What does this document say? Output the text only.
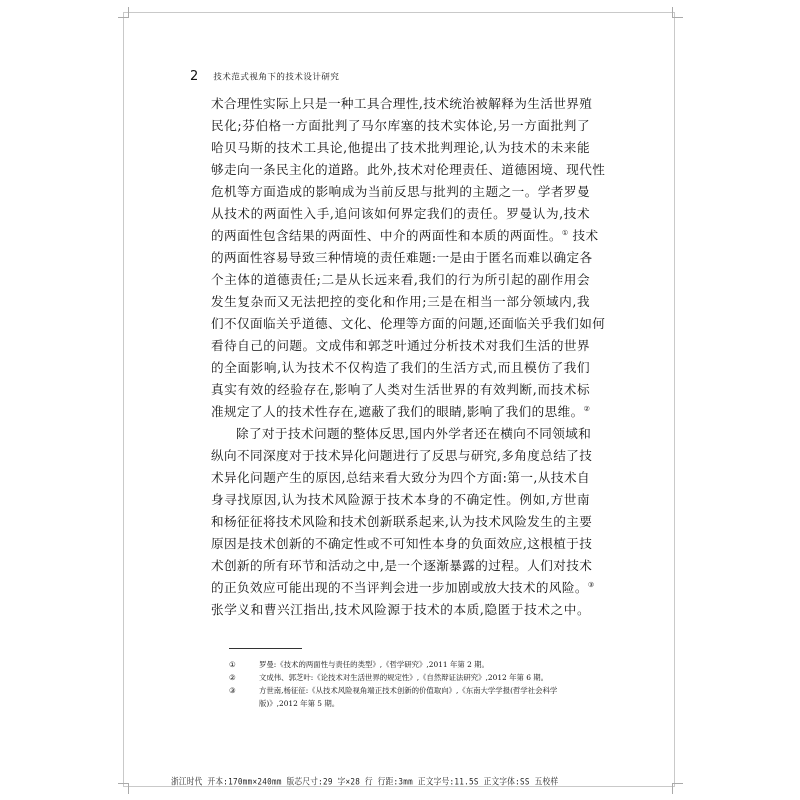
2 技术范式视角下的技术设计研究
术合理性实际上只是一种工具合理性,技术统治被解释为生活世界殖
民化;芬伯格一方面批判了马尔库塞的技术实体论,另一方面批判了
哈贝马斯的技术工具论,他提出了技术批判理论,认为技术的未来能
够走向一条民主化的道路。此外,技术对伦理责任、道德困境、现代性
危机等方面造成的影响成为当前反思与批判的主题之一。学者罗曼
从技术的两面性入手,追问该如何界定我们的责任。罗曼认为,技术
的两面性包含结果的两面性、中介的两面性和本质的两面性。① 技术
的两面性容易导致三种情境的责任难题:一是由于匿名而难以确定各
个主体的道德责任;二是从长远来看,我们的行为所引起的副作用会
发生复杂而又无法把控的变化和作用;三是在相当一部分领域内,我
们不仅面临关乎道德、文化、伦理等方面的问题,还面临关乎我们如何
看待自己的问题。文成伟和郭芝叶通过分析技术对我们生活的世界
的全面影响,认为技术不仅构造了我们的生活方式,而且模仿了我们
真实有效的经验存在,影响了人类对生活世界的有效判断,而技术标
准规定了人的技术性存在,遮蔽了我们的眼睛,影响了我们的思维。②
除了对于技术问题的整体反思,国内外学者还在横向不同领域和
纵向不同深度对于技术异化问题进行了反思与研究,多角度总结了技
术异化问题产生的原因,总结来看大致分为四个方面:第一,从技术自
身寻找原因,认为技术风险源于技术本身的不确定性。例如,方世南
和杨征征将技术风险和技术创新联系起来,认为技术风险发生的主要
原因是技术创新的不确定性或不可知性本身的负面效应,这根植于技
术创新的所有环节和活动之中,是一个逐渐暴露的过程。人们对技术
的正负效应可能出现的不当评判会进一步加剧或放大技术的风险。③
张学义和曹兴江指出,技术风险源于技术的本质,隐匿于技术之中。
①	罗曼:《技术的两面性与责任的类型》,《哲学研究》,2011 年第 2 期。
②	文成伟、郭芝叶:《论技术对生活世界的规定性》,《自然辩证法研究》,2012 年第 6 期。
③	方世南,杨征征:《从技术风险视角端正技术创新的价值取向》,《东南大学学报(哲学社会科学版)》,2012 年第 5 期。
浙江时代 开本:170mm×240mm 版芯尺寸:29 字×28 行 行距:3mm 正文字号:11.5S 正文字体:SS 五校样
